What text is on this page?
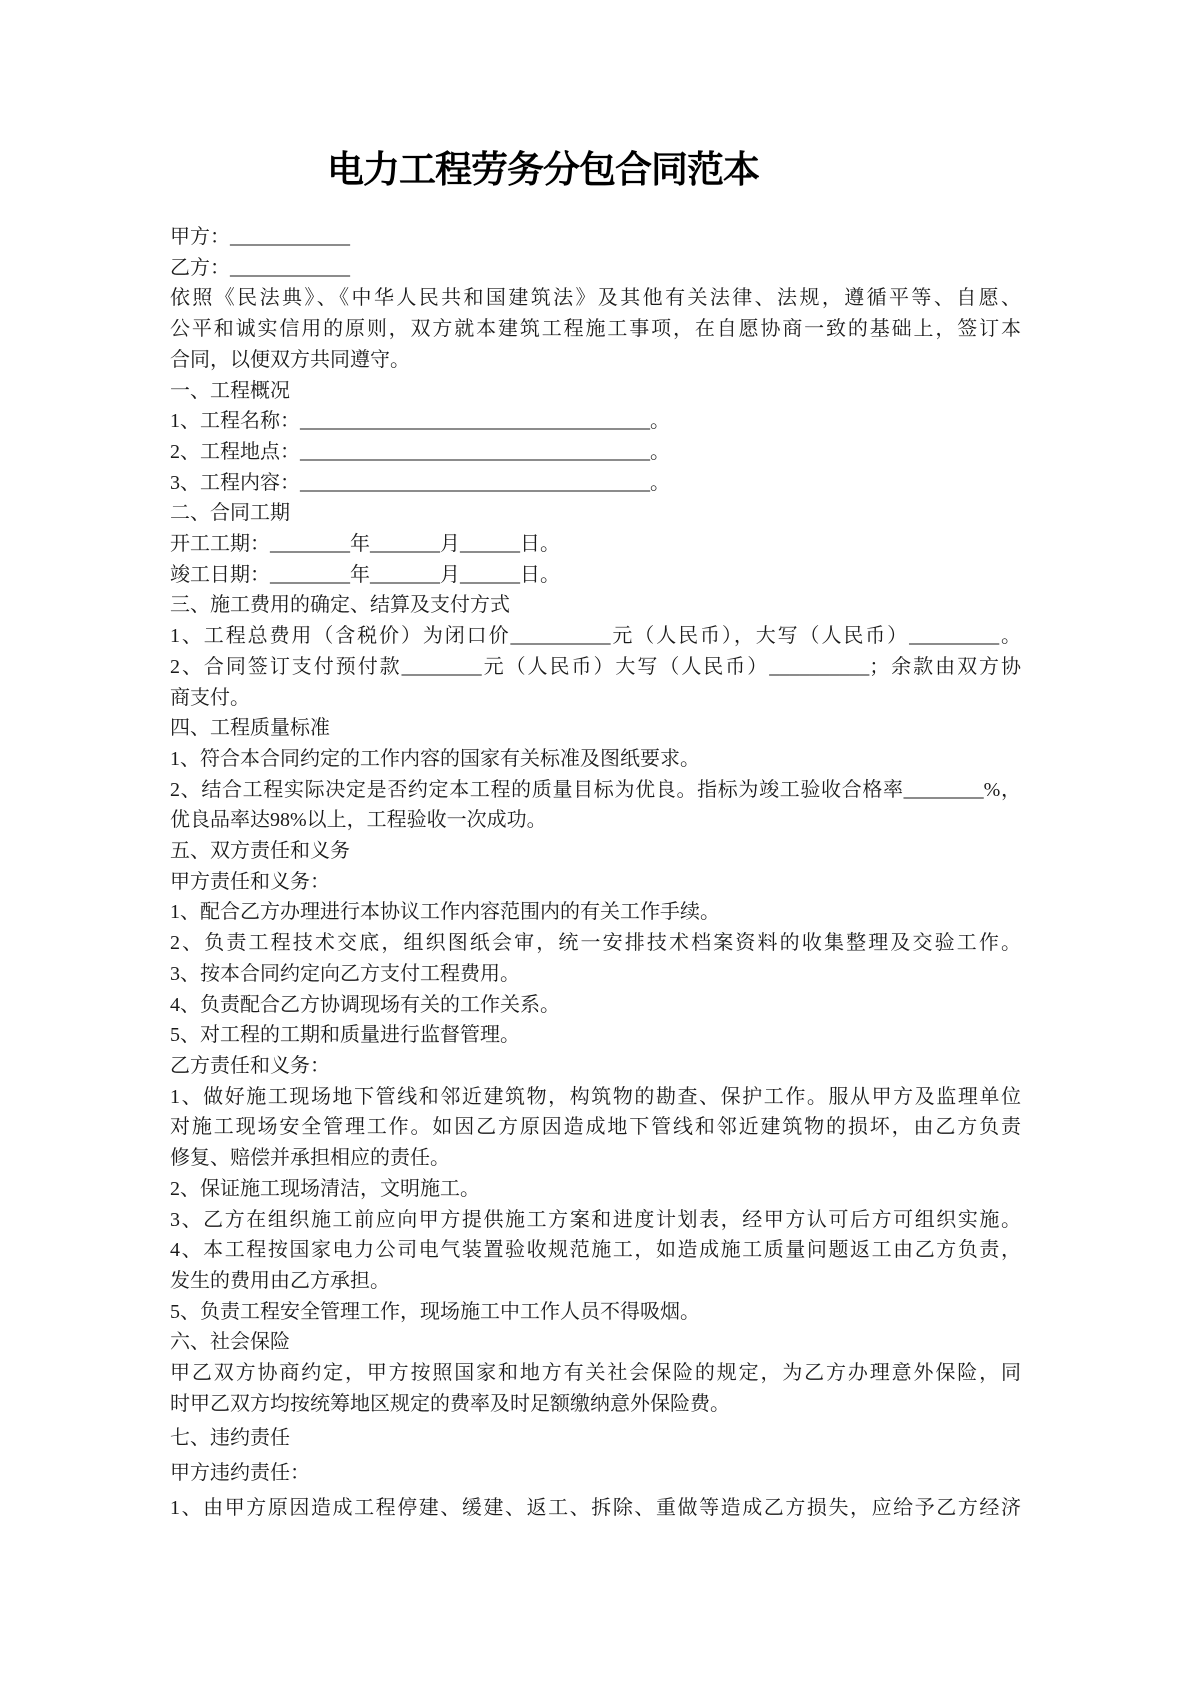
电力工程劳务分包合同范本
甲方：____________
乙方：____________
依照《民法典》、《中华人民共和国建筑法》及其他有关法律、法规，遵循平等、自愿、
公平和诚实信用的原则，双方就本建筑工程施工事项，在自愿协商一致的基础上，签订本
合同，以便双方共同遵守。
一、工程概况
1、工程名称：___________________________________。
2、工程地点：___________________________________。
3、工程内容：___________________________________。
二、合同工期
开工工期：________年_______月______日。
竣工日期：________年_______月______日。
三、施工费用的确定、结算及支付方式
1、工程总费用（含税价）为闭口价__________元（人民币），大写（人民币）_________。
2、合同签订支付预付款________元（人民币）大写（人民币）__________；余款由双方协
商支付。
四、工程质量标准
1、符合本合同约定的工作内容的国家有关标准及图纸要求。
2、结合工程实际决定是否约定本工程的质量目标为优良。指标为竣工验收合格率________%，
优良品率达98%以上，工程验收一次成功。
五、双方责任和义务
甲方责任和义务：
1、配合乙方办理进行本协议工作内容范围内的有关工作手续。
2、负责工程技术交底，组织图纸会审，统一安排技术档案资料的收集整理及交验工作。
3、按本合同约定向乙方支付工程费用。
4、负责配合乙方协调现场有关的工作关系。
5、对工程的工期和质量进行监督管理。
乙方责任和义务：
1、做好施工现场地下管线和邻近建筑物，构筑物的勘查、保护工作。服从甲方及监理单位
对施工现场安全管理工作。如因乙方原因造成地下管线和邻近建筑物的损坏，由乙方负责
修复、赔偿并承担相应的责任。
2、保证施工现场清洁，文明施工。
3、乙方在组织施工前应向甲方提供施工方案和进度计划表，经甲方认可后方可组织实施。
4、本工程按国家电力公司电气装置验收规范施工，如造成施工质量问题返工由乙方负责，
发生的费用由乙方承担。
5、负责工程安全管理工作，现场施工中工作人员不得吸烟。
六、社会保险
甲乙双方协商约定，甲方按照国家和地方有关社会保险的规定，为乙方办理意外保险，同
时甲乙双方均按统筹地区规定的费率及时足额缴纳意外保险费。
七、违约责任
甲方违约责任：
1、由甲方原因造成工程停建、缓建、返工、拆除、重做等造成乙方损失，应给予乙方经济
